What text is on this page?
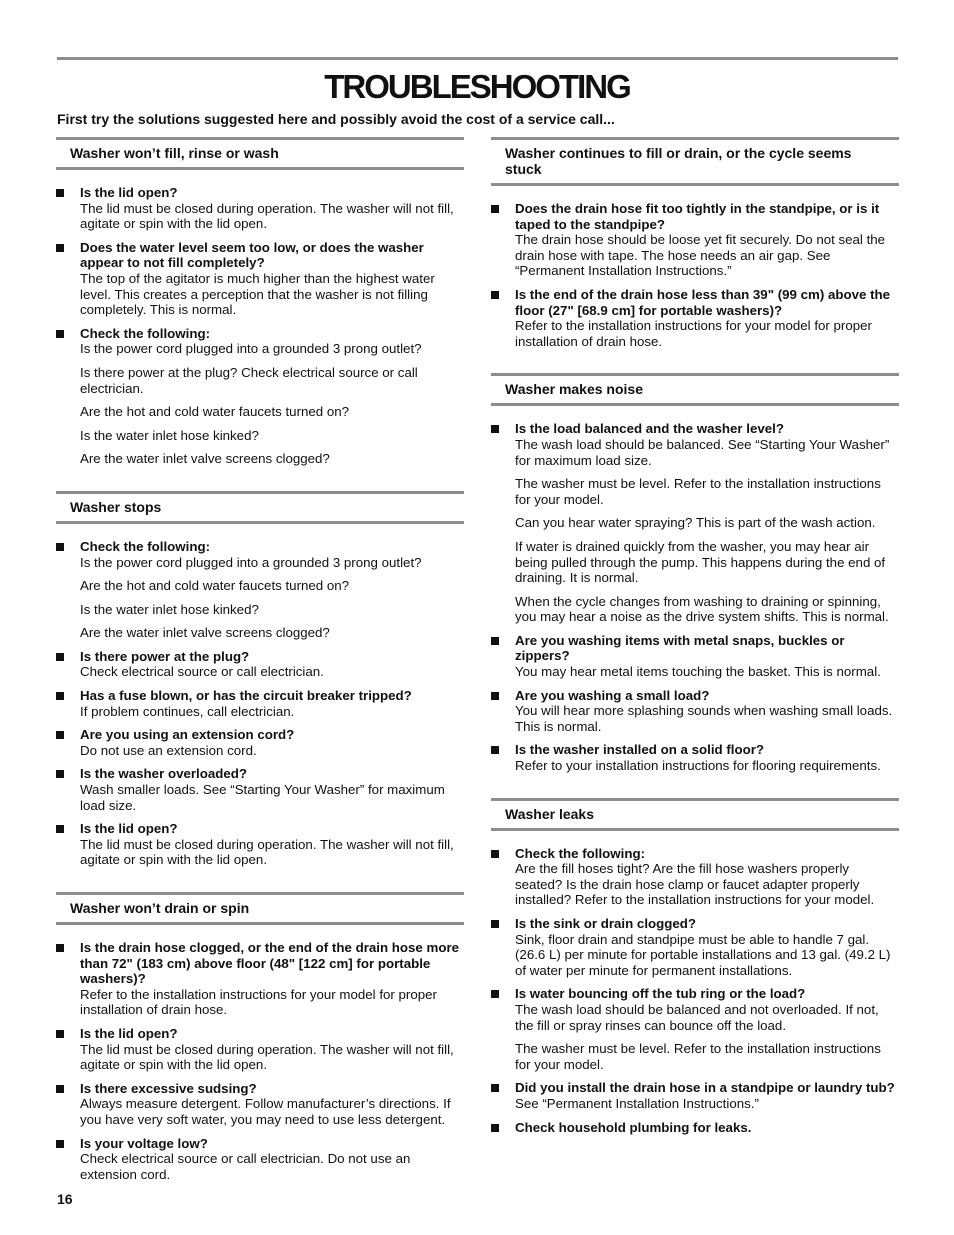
TROUBLESHOOTING
First try the solutions suggested here and possibly avoid the cost of a service call...
Washer won’t fill, rinse or wash
Is the lid open?
The lid must be closed during operation. The washer will not fill, agitate or spin with the lid open.
Does the water level seem too low, or does the washer appear to not fill completely?
The top of the agitator is much higher than the highest water level. This creates a perception that the washer is not filling completely. This is normal.
Check the following:
Is the power cord plugged into a grounded 3 prong outlet?
Is there power at the plug? Check electrical source or call electrician.
Are the hot and cold water faucets turned on?
Is the water inlet hose kinked?
Are the water inlet valve screens clogged?
Washer stops
Check the following:
Is the power cord plugged into a grounded 3 prong outlet?
Are the hot and cold water faucets turned on?
Is the water inlet hose kinked?
Are the water inlet valve screens clogged?
Is there power at the plug?
Check electrical source or call electrician.
Has a fuse blown, or has the circuit breaker tripped?
If problem continues, call electrician.
Are you using an extension cord?
Do not use an extension cord.
Is the washer overloaded?
Wash smaller loads. See “Starting Your Washer” for maximum load size.
Is the lid open?
The lid must be closed during operation. The washer will not fill, agitate or spin with the lid open.
Washer won’t drain or spin
Is the drain hose clogged, or the end of the drain hose more than 72" (183 cm) above floor (48" [122 cm] for portable washers)?
Refer to the installation instructions for your model for proper installation of drain hose.
Is the lid open?
The lid must be closed during operation. The washer will not fill, agitate or spin with the lid open.
Is there excessive sudsing?
Always measure detergent. Follow manufacturer’s directions. If you have very soft water, you may need to use less detergent.
Is your voltage low?
Check electrical source or call electrician. Do not use an extension cord.
Washer continues to fill or drain, or the cycle seems stuck
Does the drain hose fit too tightly in the standpipe, or is it taped to the standpipe?
The drain hose should be loose yet fit securely. Do not seal the drain hose with tape. The hose needs an air gap. See “Permanent Installation Instructions.”
Is the end of the drain hose less than 39" (99 cm) above the floor (27" [68.9 cm] for portable washers)?
Refer to the installation instructions for your model for proper installation of drain hose.
Washer makes noise
Is the load balanced and the washer level?
The wash load should be balanced. See “Starting Your Washer” for maximum load size.
The washer must be level. Refer to the installation instructions for your model.
Can you hear water spraying? This is part of the wash action.
If water is drained quickly from the washer, you may hear air being pulled through the pump. This happens during the end of draining. It is normal.
When the cycle changes from washing to draining or spinning, you may hear a noise as the drive system shifts. This is normal.
Are you washing items with metal snaps, buckles or zippers?
You may hear metal items touching the basket. This is normal.
Are you washing a small load?
You will hear more splashing sounds when washing small loads. This is normal.
Is the washer installed on a solid floor?
Refer to your installation instructions for flooring requirements.
Washer leaks
Check the following:
Are the fill hoses tight? Are the fill hose washers properly seated? Is the drain hose clamp or faucet adapter properly installed? Refer to the installation instructions for your model.
Is the sink or drain clogged?
Sink, floor drain and standpipe must be able to handle 7 gal. (26.6 L) per minute for portable installations and 13 gal. (49.2 L) of water per minute for permanent installations.
Is water bouncing off the tub ring or the load?
The wash load should be balanced and not overloaded. If not, the fill or spray rinses can bounce off the load.
The washer must be level. Refer to the installation instructions for your model.
Did you install the drain hose in a standpipe or laundry tub?
See “Permanent Installation Instructions.”
Check household plumbing for leaks.
16
